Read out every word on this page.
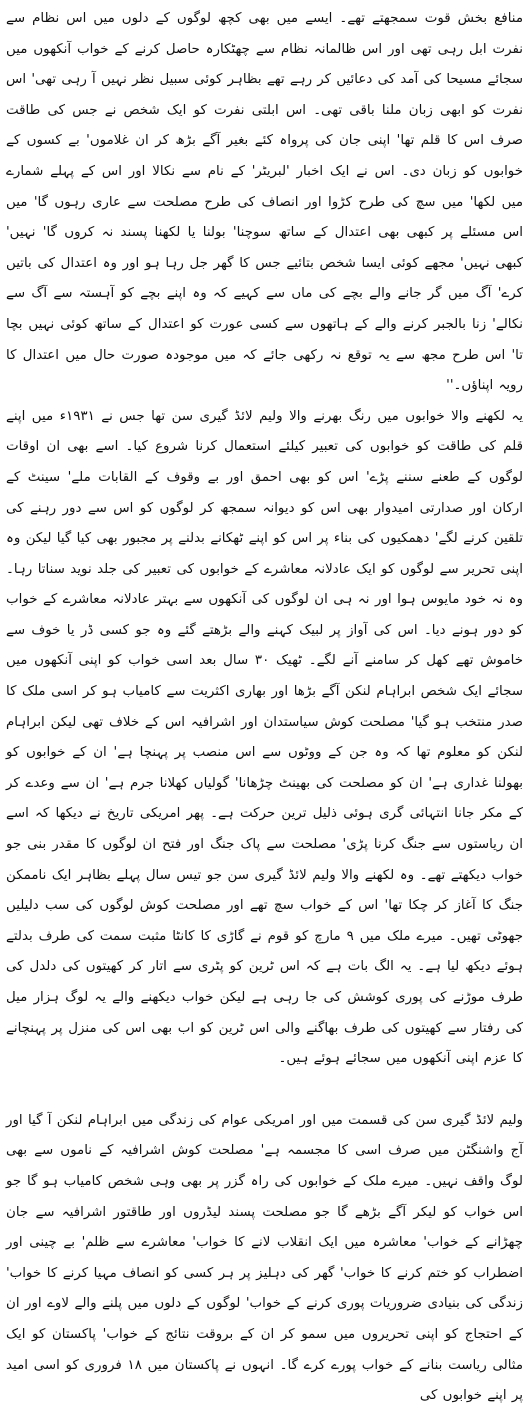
منافع بخش قوت سمجھتے تھے۔ ایسے میں بھی کچھ لوگوں کے دلوں میں اس نظام سے نفرت ابل رہی تھی اور اس ظالمانہ نظام سے چھٹکارہ حاصل کرنے کے خواب آنکھوں میں سجائے مسیحا کی آمد کی دعائیں کر رہے تھے بظاہر کوئی سبیل نظر نہیں آ رہی تھی' اس نفرت کو ابھی زبان ملنا باقی تھی۔ اس ابلتی نفرت کو ایک شخص نے جس کی طاقت صرف اس کا قلم تھا' اپنی جان کی پرواہ کئے بغیر آگے بڑھ کر ان غلاموں' بے کسوں کے خوابوں کو زبان دی۔ اس نے ایک اخبار 'لبریٹر' کے نام سے نکالا اور اس کے پہلے شمارے میں لکھا' میں سچ کی طرح کڑوا اور انصاف کی طرح مصلحت سے عاری رہوں گا' میں اس مسئلے پر کبھی بھی اعتدال کے ساتھ سوچنا' بولنا یا لکھنا پسند نہ کروں گا' نہیں' کبھی نہیں' مجھے کوئی ایسا شخص بتائیے جس کا گھر جل رہا ہو اور وہ اعتدال کی باتیں کرے' آگ میں گر جانے والے بچے کی ماں سے کہیے کہ وہ اپنے بچے کو آہستہ سے آگ سے نکالے' زنا بالجبر کرنے والے کے ہاتھوں سے کسی عورت کو اعتدال کے ساتھ کوئی نہیں بچا تا' اس طرح مجھ سے یہ توقع نہ رکھی جائے کہ میں موجودہ صورت حال میں اعتدال کا رویہ اپناؤں۔''

یہ لکھنے والا خوابوں میں رنگ بھرنے والا ولیم لائڈ گیری سن تھا جس نے ۱۹۳۱ء میں اپنے قلم کی طاقت کو خوابوں کی تعبیر کیلئے استعمال کرنا شروع کیا۔ اسے بھی ان اوقات لوگوں کے طعنے سننے پڑے' اس کو بھی احمق اور بے وقوف کے القابات ملے' سینٹ کے ارکان اور صدارتی امیدوار بھی اس کو دیوانہ سمجھ کر لوگوں کو اس سے دور رہنے کی تلقین کرنے لگے' دھمکیوں کی بناء پر اس کو اپنے ٹھکانے بدلنے پر مجبور بھی کیا گیا لیکن وہ اپنی تحریر سے لوگوں کو ایک عادلانہ معاشرے کے خوابوں کی تعبیر کی جلد نوید سناتا رہا۔ وہ نہ خود مایوس ہوا اور نہ ہی ان لوگوں کی آنکھوں سے بہتر عادلانہ معاشرے کے خواب کو دور ہونے دیا۔ اس کی آواز پر لبیک کہنے والے بڑھتے گئے وہ جو کسی ڈر یا خوف سے خاموش تھے کھل کر سامنے آنے لگے۔ ٹھیک ۳۰ سال بعد اسی خواب کو اپنی آنکھوں میں سجائے ایک شخص ابراہام لنکن آگے بڑھا اور بھاری اکثریت سے کامیاب ہو کر اسی ملک کا صدر منتخب ہو گیا' مصلحت کوش سیاستدان اور اشرافیہ اس کے خلاف تھی لیکن ابراہام لنکن کو معلوم تھا کہ وہ جن کے ووٹوں سے اس منصب پر پہنچا ہے' ان کے خوابوں کو بھولنا غداری ہے' ان کو مصلحت کی بھینٹ چڑھانا' گولیاں کھلانا جرم ہے' ان سے وعدے کر کے مکر جانا انتہائی گری ہوئی ذلیل ترین حرکت ہے۔ پھر امریکی تاریخ نے دیکھا کہ اسے ان ریاستوں سے جنگ کرنا پڑی' مصلحت سے پاک جنگ اور فتح ان لوگوں کا مقدر بنی جو خواب دیکھتے تھے۔ وہ لکھنے والا ولیم لائڈ گیری سن جو تیس سال پہلے بظاہر ایک ناممکن جنگ کا آغاز کر چکا تھا' اس کے خواب سچ تھے اور مصلحت کوش لوگوں کی سب دلیلیں جھوٹی تھیں۔ میرے ملک میں ۹ مارچ کو قوم نے گاڑی کا کانٹا مثبت سمت کی طرف بدلتے ہوئے دیکھ لیا ہے۔ یہ الگ بات ہے کہ اس ٹرین کو پٹری سے اتار کر کھیتوں کی دلدل کی طرف موڑنے کی پوری کوشش کی جا رہی ہے لیکن خواب دیکھنے والے یہ لوگ ہزار میل کی رفتار سے کھیتوں کی طرف بھاگنے والی اس ٹرین کو اب بھی اس کی منزل پر پہنچانے کا عزم اپنی آنکھوں میں سجائے ہوئے ہیں۔

ولیم لائڈ گیری سن کی قسمت میں اور امریکی عوام کی زندگی میں ابراہام لنکن آ گیا اور آج واشنگٹن میں صرف اسی کا مجسمہ ہے' مصلحت کوش اشرافیہ کے ناموں سے بھی لوگ واقف نہیں۔ میرے ملک کے خوابوں کی راہ گزر پر بھی وہی شخص کامیاب ہو گا جو اس خواب کو لیکر آگے بڑھے گا جو مصلحت پسند لیڈروں اور طاقتور اشرافیہ سے جان چھڑانے کے خواب' معاشرہ میں ایک انقلاب لانے کا خواب' معاشرے سے ظلم' بے چینی اور اضطراب کو ختم کرنے کا خواب' گھر کی دہلیز پر ہر کسی کو انصاف مہیا کرنے کا خواب' زندگی کی بنیادی ضروریات پوری کرنے کے خواب' لوگوں کے دلوں میں پلنے والے لاوے اور ان کے احتجاج کو اپنی تحریروں میں سمو کر ان کے بروقت نتائج کے خواب' پاکستان کو ایک مثالی ریاست بنانے کے خواب پورے کرے گا۔ انہوں نے پاکستان میں ۱۸ فروری کو اسی امید پر اپنے خوابوں کی
